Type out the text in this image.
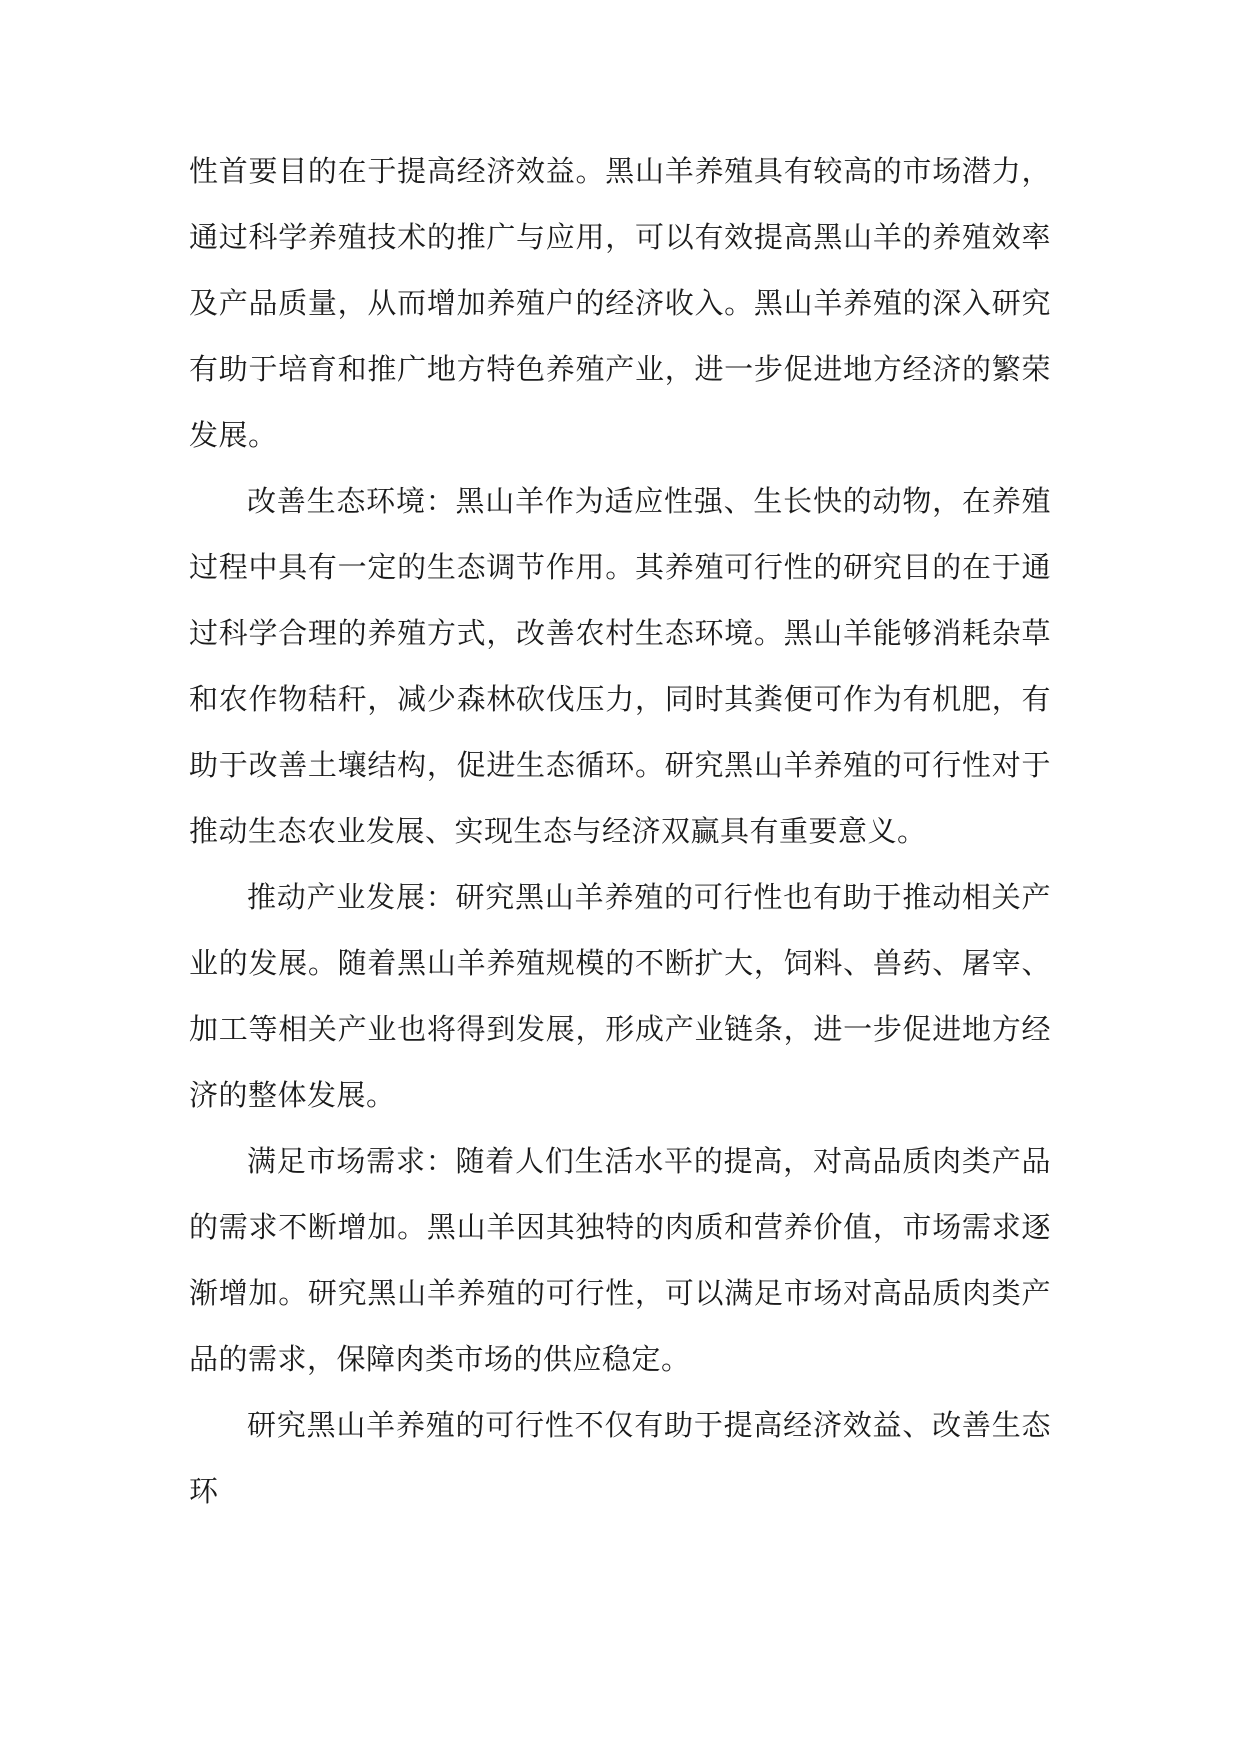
性首要目的在于提高经济效益。黑山羊养殖具有较高的市场潜力，通过科学养殖技术的推广与应用，可以有效提高黑山羊的养殖效率及产品质量，从而增加养殖户的经济收入。黑山羊养殖的深入研究有助于培育和推广地方特色养殖产业，进一步促进地方经济的繁荣发展。

改善生态环境：黑山羊作为适应性强、生长快的动物，在养殖过程中具有一定的生态调节作用。其养殖可行性的研究目的在于通过科学合理的养殖方式，改善农村生态环境。黑山羊能够消耗杂草和农作物秸秆，减少森林砍伐压力，同时其粪便可作为有机肥，有助于改善土壤结构，促进生态循环。研究黑山羊养殖的可行性对于推动生态农业发展、实现生态与经济双赢具有重要意义。

推动产业发展：研究黑山羊养殖的可行性也有助于推动相关产业的发展。随着黑山羊养殖规模的不断扩大，饲料、兽药、屠宰、加工等相关产业也将得到发展，形成产业链条，进一步促进地方经济的整体发展。

满足市场需求：随着人们生活水平的提高，对高品质肉类产品的需求不断增加。黑山羊因其独特的肉质和营养价值，市场需求逐渐增加。研究黑山羊养殖的可行性，可以满足市场对高品质肉类产品的需求，保障肉类市场的供应稳定。

研究黑山羊养殖的可行性不仅有助于提高经济效益、改善生态环
